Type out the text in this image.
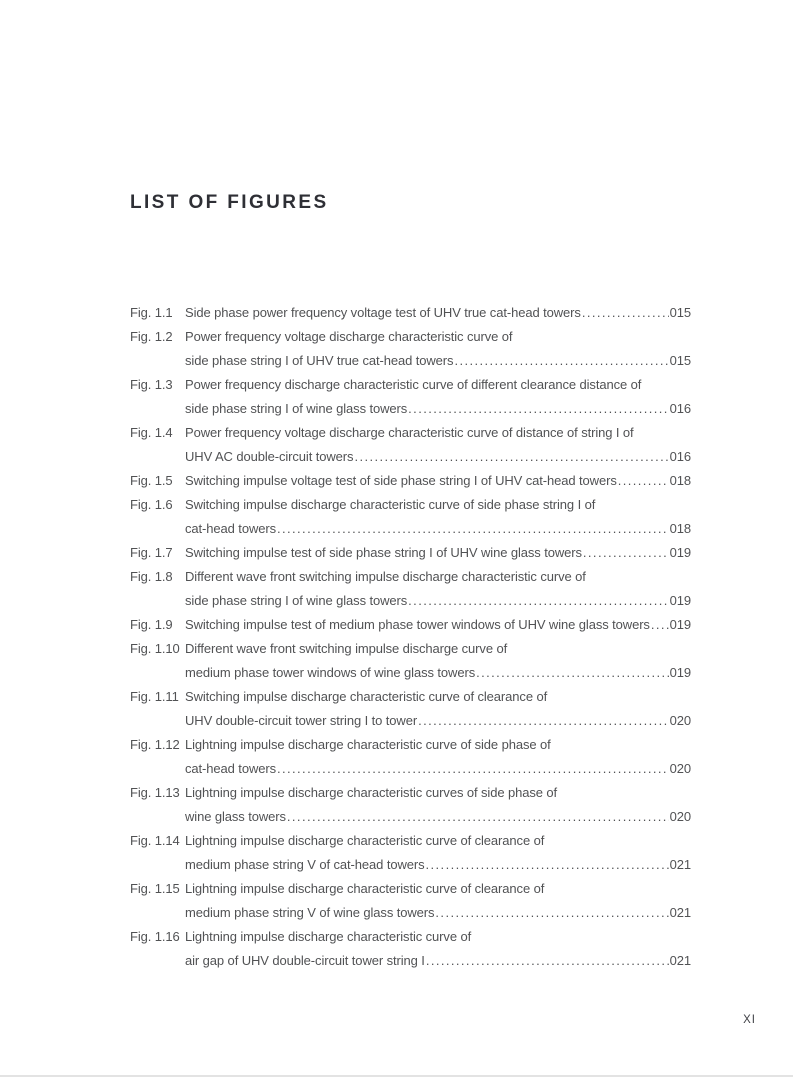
LIST OF FIGURES
Fig. 1.1 Side phase power frequency voltage test of UHV true cat-head towers .....	015
Fig. 1.2 Power frequency voltage discharge characteristic curve of
side phase string I of UHV true cat-head towers .....	015
Fig. 1.3 Power frequency discharge characteristic curve of different clearance distance of
side phase string I of wine glass towers .....	016
Fig. 1.4 Power frequency voltage discharge characteristic curve of distance of string I of
UHV AC double-circuit towers .....	016
Fig. 1.5 Switching impulse voltage test of side phase string I of UHV cat-head towers .....	018
Fig. 1.6 Switching impulse discharge characteristic curve of side phase string I of
cat-head towers .....	018
Fig. 1.7 Switching impulse test of side phase string I of UHV wine glass towers .....	019
Fig. 1.8 Different wave front switching impulse discharge characteristic curve of
side phase string I of wine glass towers .....	019
Fig. 1.9 Switching impulse test of medium phase tower windows of UHV wine glass towers ..... 019
Fig. 1.10 Different wave front switching impulse discharge curve of
medium phase tower windows of wine glass towers .....	019
Fig. 1.11 Switching impulse discharge characteristic curve of clearance of
UHV double-circuit tower string I to tower .....	020
Fig. 1.12 Lightning impulse discharge characteristic curve of side phase of
cat-head towers .....	020
Fig. 1.13 Lightning impulse discharge characteristic curves of side phase of
wine glass towers .....	020
Fig. 1.14 Lightning impulse discharge characteristic curve of clearance of
medium phase string V of cat-head towers .....	021
Fig. 1.15 Lightning impulse discharge characteristic curve of clearance of
medium phase string V of wine glass towers .....	021
Fig. 1.16 Lightning impulse discharge characteristic curve of
air gap of UHV double-circuit tower string I .....	021
XI
